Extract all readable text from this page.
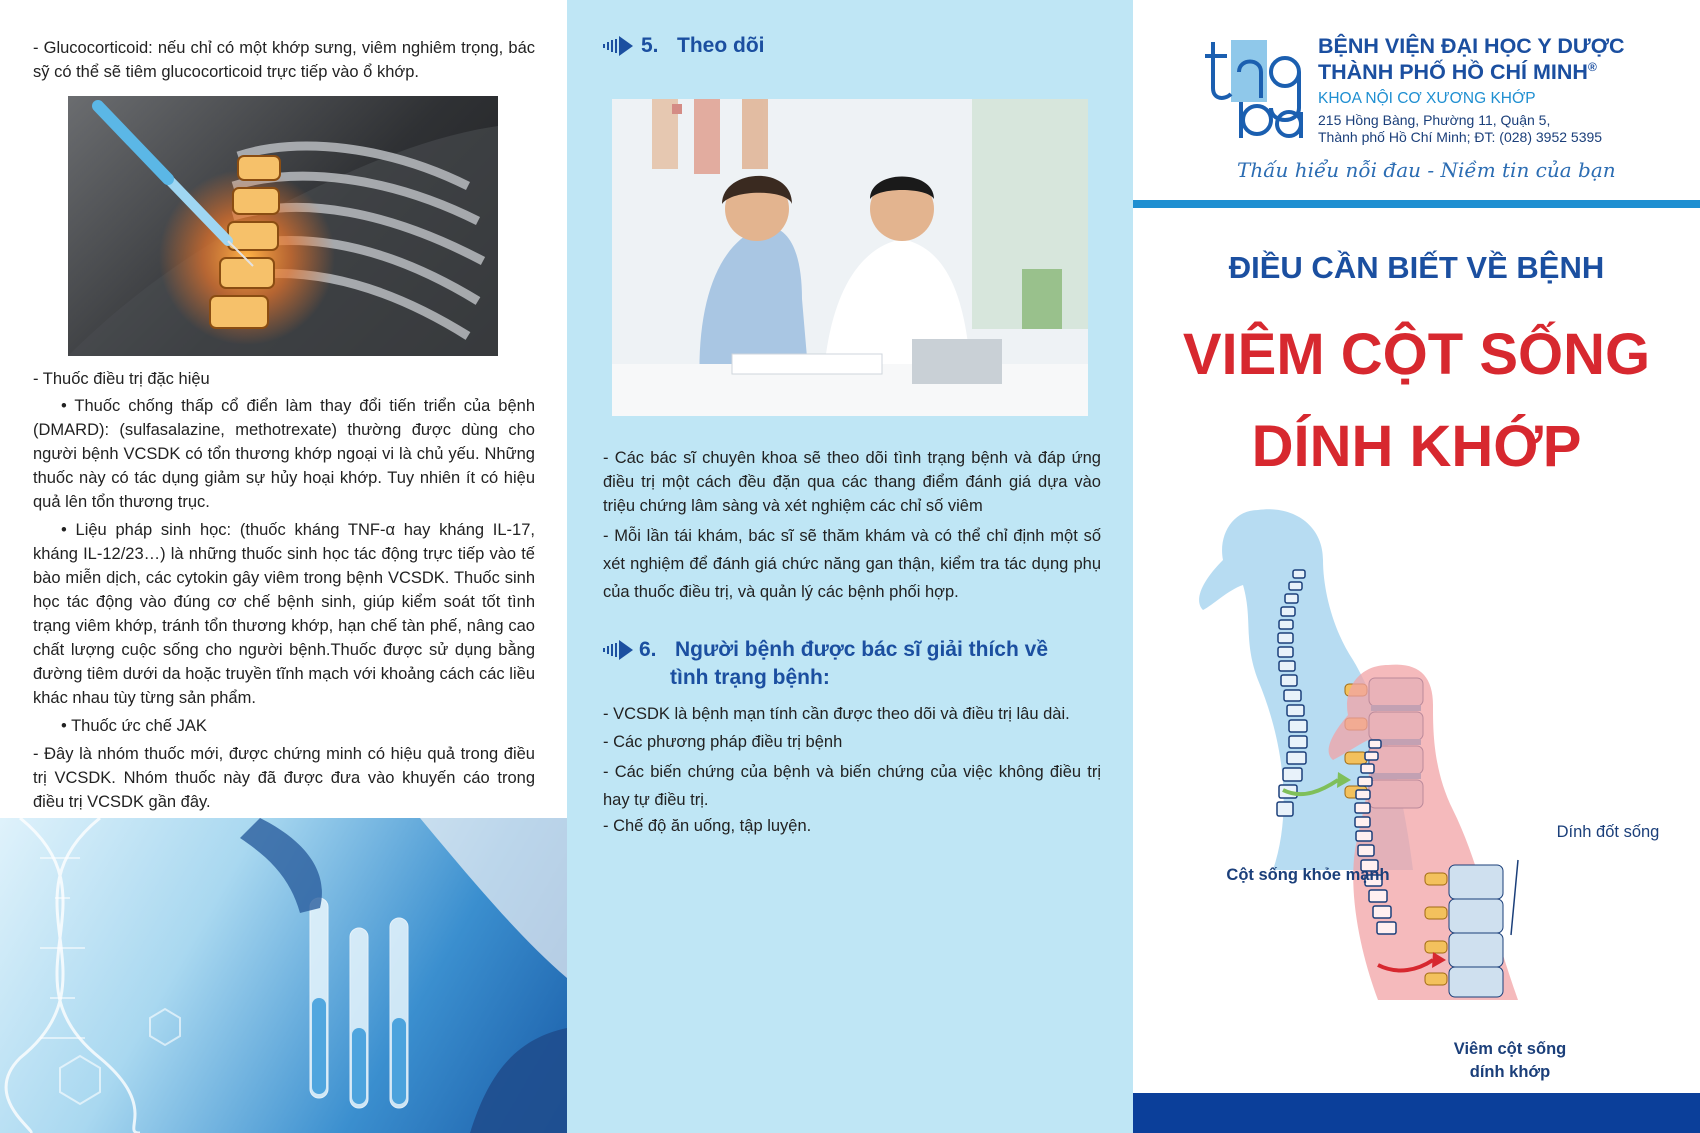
- Glucocorticoid: nếu chỉ có một khớp sưng, viêm nghiêm trọng, bác sỹ có thể sẽ tiêm glucocorticoid trực tiếp vào ổ khớp.
- Thuốc điều trị đặc hiệu
• Thuốc chống thấp cổ điển làm thay đổi tiến triển của bệnh (DMARD): (sulfasalazine, methotrexate) thường được dùng cho người bệnh VCSDK có tổn thương khớp ngoại vi là chủ yếu. Những thuốc này có tác dụng giảm sự hủy hoại khớp. Tuy nhiên ít có hiệu quả lên tổn thương trục.
• Liệu pháp sinh học: (thuốc kháng TNF-α hay kháng IL-17, kháng IL-12/23…) là những thuốc sinh học tác động trực tiếp vào tế bào miễn dịch, các cytokin gây viêm trong bệnh VCSDK. Thuốc sinh học tác động vào đúng cơ chế bệnh sinh, giúp kiểm soát tốt tình trạng viêm khớp, tránh tổn thương khớp, hạn chế tàn phế, nâng cao chất lượng cuộc sống cho người bệnh.Thuốc được sử dụng bằng đường tiêm dưới da hoặc truyền tĩnh mạch với khoảng cách các liều khác nhau tùy từng sản phẩm.
• Thuốc ức chế JAK
- Đây là nhóm thuốc mới, được chứng minh có hiệu quả trong điều trị VCSDK. Nhóm thuốc này đã được đưa vào khuyến cáo trong điều trị VCSDK gần đây.
5. Theo dõi
- Các bác sĩ chuyên khoa sẽ theo dõi tình trạng bệnh và đáp ứng điều trị một cách đều đặn qua các thang điểm đánh giá dựa vào triệu chứng lâm sàng và xét nghiệm các chỉ số viêm
- Mỗi lần tái khám, bác sĩ sẽ thăm khám và có thể chỉ định một số xét nghiệm để đánh giá chức năng gan thận, kiểm tra tác dụng phụ của thuốc điều trị, và quản lý các bệnh phối hợp.
6. Người bệnh được bác sĩ giải thích về
tình trạng bệnh:
- VCSDK là bệnh mạn tính cần được theo dõi và điều trị lâu dài.
- Các phương pháp điều trị bệnh
- Các biến chứng của bệnh và biến chứng của việc không điều trị hay tự điều trị.
- Chế độ ăn uống, tập luyện.
BỆNH VIỆN ĐẠI HỌC Y DƯỢC
THÀNH PHỐ HỒ CHÍ MINH®
KHOA NỘI CƠ XƯƠNG KHỚP
215 Hồng Bàng, Phường 11, Quận 5,
Thành phố Hồ Chí Minh; ĐT: (028) 3952 5395
Thấu hiểu nỗi đau - Niềm tin của bạn
ĐIỀU CẦN BIẾT VỀ BỆNH
VIÊM CỘT SỐNG
DÍNH KHỚP
Cột sống khỏe mạnh
Dính đốt sống
Viêm cột sống
dính khớp
